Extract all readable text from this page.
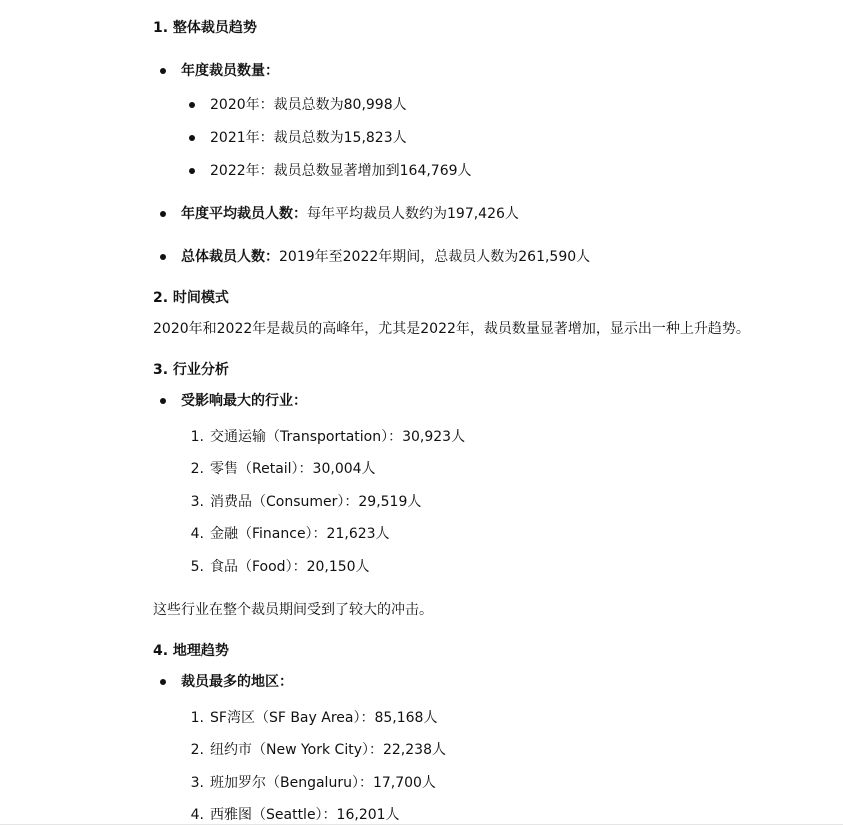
1. 整体裁员趋势
年度裁员数量：
2020年：裁员总数为80,998人
2021年：裁员总数为15,823人
2022年：裁员总数显著增加到164,769人
年度平均裁员人数：每年平均裁员人数约为197,426人
总体裁员人数：2019年至2022年期间，总裁员人数为261,590人
2. 时间模式
2020年和2022年是裁员的高峰年，尤其是2022年，裁员数量显著增加，显示出一种上升趋势。
3. 行业分析
受影响最大的行业：
1. 交通运输（Transportation）：30,923人
2. 零售（Retail）：30,004人
3. 消费品（Consumer）：29,519人
4. 金融（Finance）：21,623人
5. 食品（Food）：20,150人
这些行业在整个裁员期间受到了较大的冲击。
4. 地理趋势
裁员最多的地区：
1. SF湾区（SF Bay Area）：85,168人
2. 纽约市（New York City）：22,238人
3. 班加罗尔（Bengaluru）：17,700人
4. 西雅图（Seattle）：16,201人
